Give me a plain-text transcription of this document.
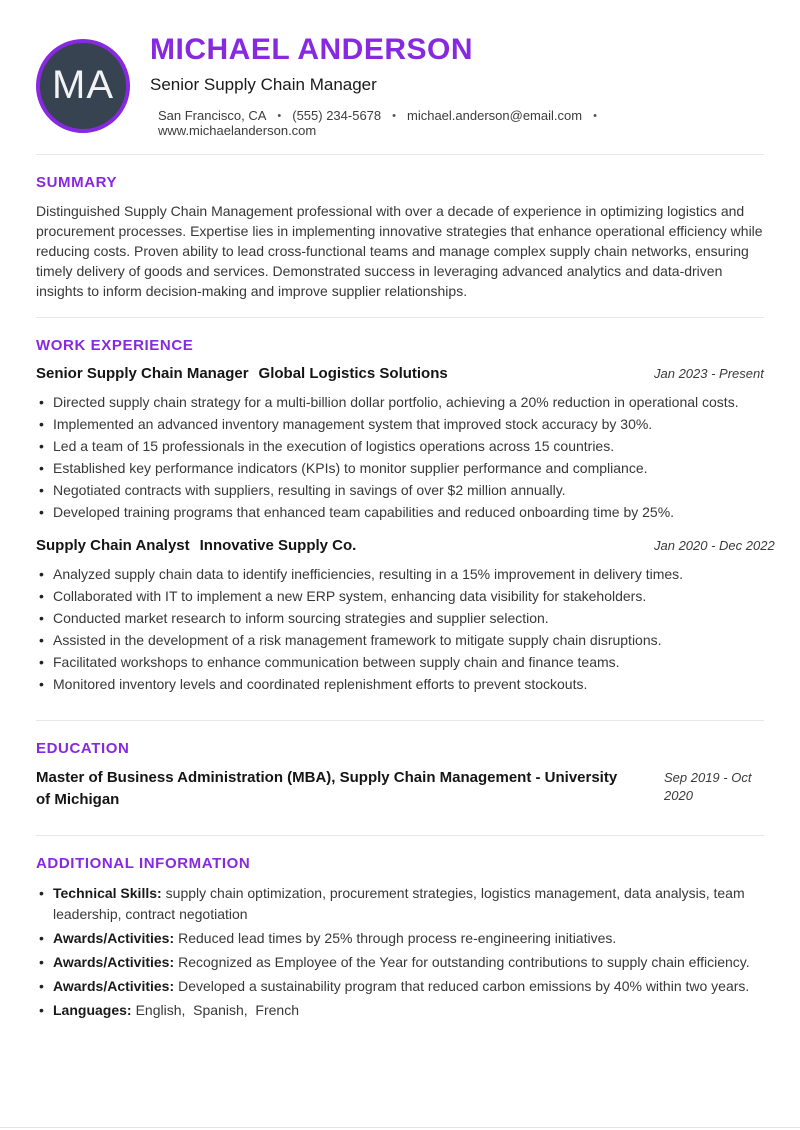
MA
MICHAEL ANDERSON
Senior Supply Chain Manager
San Francisco, CA • (555) 234-5678 • michael.anderson@email.com •
www.michaelanderson.com
SUMMARY
Distinguished Supply Chain Management professional with over a decade of experience in optimizing logistics and procurement processes. Expertise lies in implementing innovative strategies that enhance operational efficiency while reducing costs. Proven ability to lead cross-functional teams and manage complex supply chain networks, ensuring timely delivery of goods and services. Demonstrated success in leveraging advanced analytics and data-driven insights to inform decision-making and improve supplier relationships.
WORK EXPERIENCE
Senior Supply Chain Manager Global Logistics Solutions	Jan 2023 - Present
• Directed supply chain strategy for a multi-billion dollar portfolio, achieving a 20% reduction in operational costs.
• Implemented an advanced inventory management system that improved stock accuracy by 30%.
• Led a team of 15 professionals in the execution of logistics operations across 15 countries.
• Established key performance indicators (KPIs) to monitor supplier performance and compliance.
• Negotiated contracts with suppliers, resulting in savings of over $2 million annually.
• Developed training programs that enhanced team capabilities and reduced onboarding time by 25%.
Supply Chain Analyst Innovative Supply Co.	Jan 2020 - Dec 2022
• Analyzed supply chain data to identify inefficiencies, resulting in a 15% improvement in delivery times.
• Collaborated with IT to implement a new ERP system, enhancing data visibility for stakeholders.
• Conducted market research to inform sourcing strategies and supplier selection.
• Assisted in the development of a risk management framework to mitigate supply chain disruptions.
• Facilitated workshops to enhance communication between supply chain and finance teams.
• Monitored inventory levels and coordinated replenishment efforts to prevent stockouts.
EDUCATION
Master of Business Administration (MBA), Supply Chain Management - University of Michigan
Sep 2019 - Oct 2020
ADDITIONAL INFORMATION
• Technical Skills: supply chain optimization, procurement strategies, logistics management, data analysis, team leadership, contract negotiation
• Awards/Activities: Reduced lead times by 25% through process re-engineering initiatives.
• Awards/Activities: Recognized as Employee of the Year for outstanding contributions to supply chain efficiency.
• Awards/Activities: Developed a sustainability program that reduced carbon emissions by 40% within two years.
• Languages: English,  Spanish,  French
